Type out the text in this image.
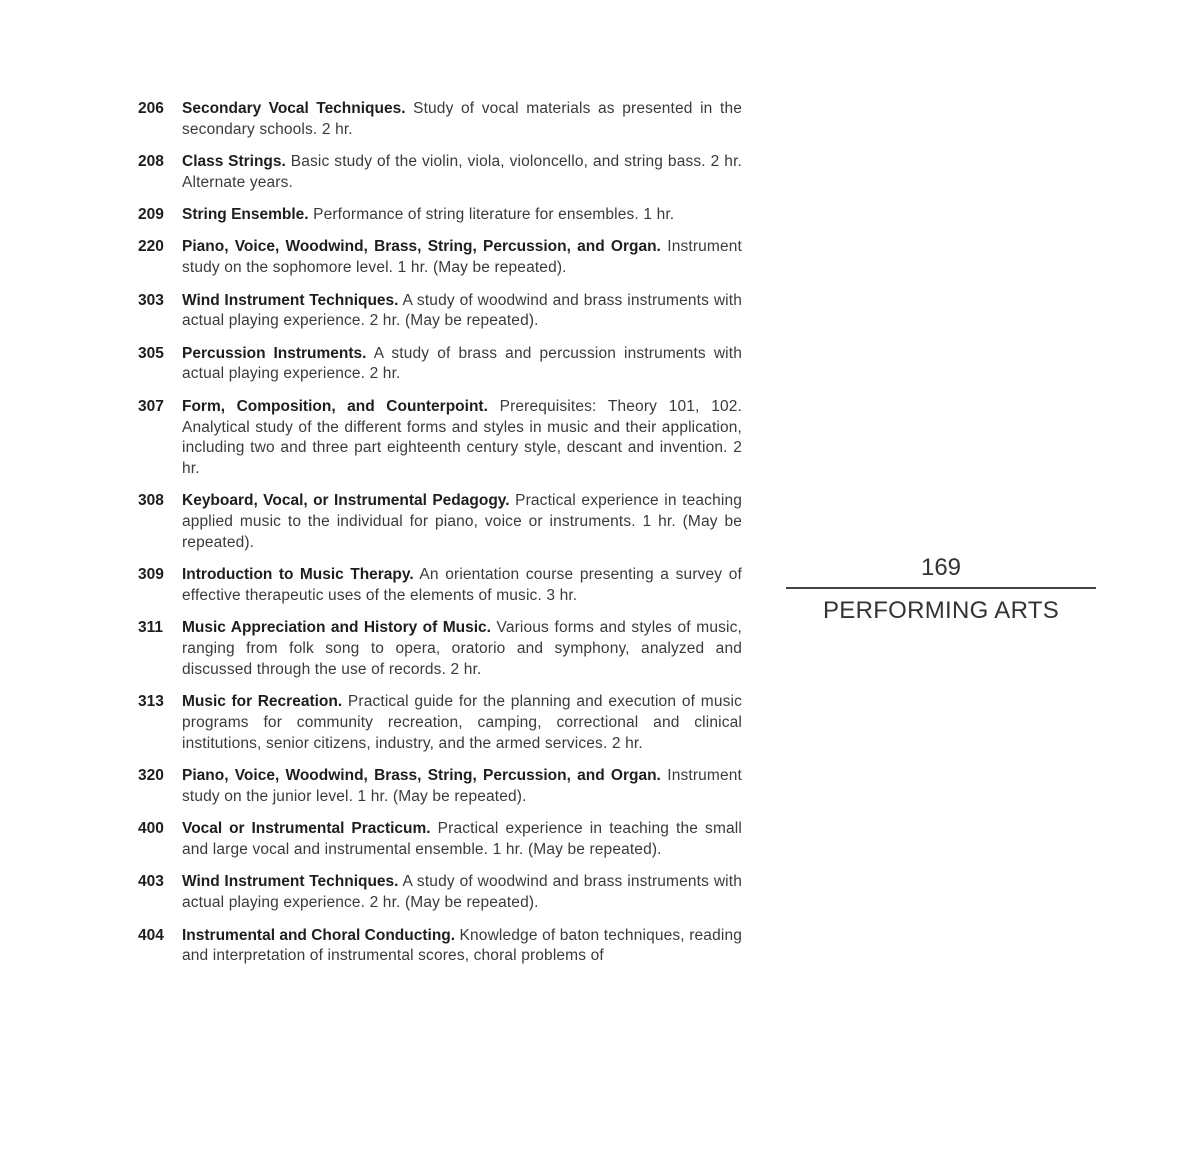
206	Secondary Vocal Techniques. Study of vocal materials as presented in the secondary schools. 2 hr.

208	Class Strings. Basic study of the violin, viola, violoncello, and string bass. 2 hr. Alternate years.

209	String Ensemble. Performance of string literature for ensembles. 1 hr.

220	Piano, Voice, Woodwind, Brass, String, Percussion, and Organ. Instrument study on the sophomore level. 1 hr. (May be repeated).

303	Wind Instrument Techniques. A study of woodwind and brass instruments with actual playing experience. 2 hr. (May be repeated).

305	Percussion Instruments. A study of brass and percussion instruments with actual playing experience. 2 hr.

307	Form, Composition, and Counterpoint. Prerequisites: Theory 101, 102. Analytical study of the different forms and styles in music and their application, including two and three part eighteenth century style, descant and invention. 2 hr.

308	Keyboard, Vocal, or Instrumental Pedagogy. Practical experience in teaching applied music to the individual for piano, voice or instruments. 1 hr. (May be repeated).

309	Introduction to Music Therapy. An orientation course presenting a survey of effective therapeutic uses of the elements of music. 3 hr.

311	Music Appreciation and History of Music. Various forms and styles of music, ranging from folk song to opera, oratorio and symphony, analyzed and discussed through the use of records. 2 hr.

313	Music for Recreation. Practical guide for the planning and execution of music programs for community recreation, camping, correctional and clinical institutions, senior citizens, industry, and the armed services. 2 hr.

320	Piano, Voice, Woodwind, Brass, String, Percussion, and Organ. Instrument study on the junior level. 1 hr. (May be repeated).

400	Vocal or Instrumental Practicum. Practical experience in teaching the small and large vocal and instrumental ensemble. 1 hr. (May be repeated).

403	Wind Instrument Techniques. A study of woodwind and brass instruments with actual playing experience. 2 hr. (May be repeated).

404	Instrumental and Choral Conducting. Knowledge of baton techniques, reading and interpretation of instrumental scores, choral problems of

169
PERFORMING ARTS
